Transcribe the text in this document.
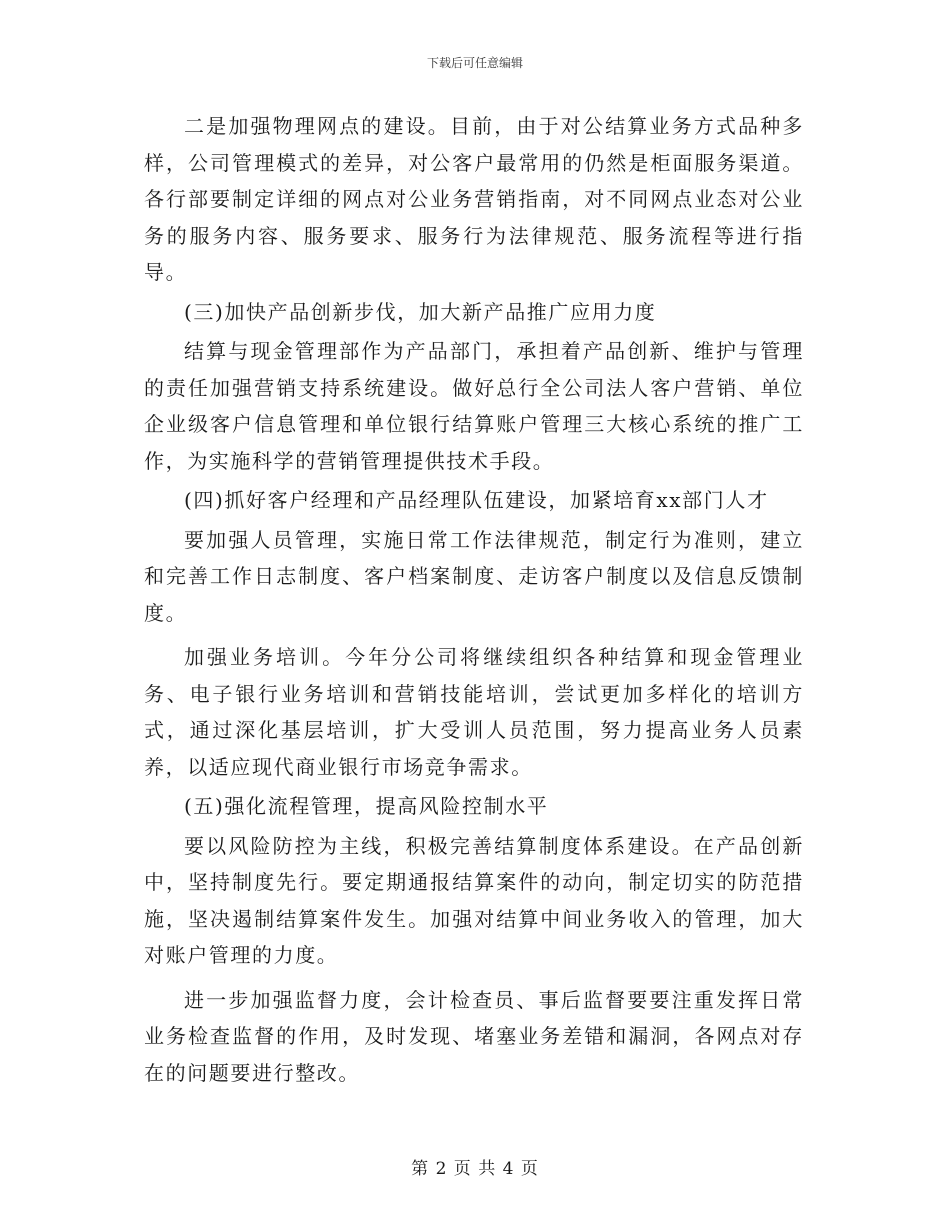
下载后可任意编辑

二是加强物理网点的建设。目前，由于对公结算业务方式品种多样，公司管理模式的差异，对公客户最常用的仍然是柜面服务渠道。各行部要制定详细的网点对公业务营销指南，对不同网点业态对公业务的服务内容、服务要求、服务行为法律规范、服务流程等进行指导。

(三)加快产品创新步伐，加大新产品推广应用力度

结算与现金管理部作为产品部门，承担着产品创新、维护与管理的责任加强营销支持系统建设。做好总行全公司法人客户营销、单位企业级客户信息管理和单位银行结算账户管理三大核心系统的推广工作，为实施科学的营销管理提供技术手段。

(四)抓好客户经理和产品经理队伍建设，加紧培育xx部门人才

要加强人员管理，实施日常工作法律规范，制定行为准则，建立和完善工作日志制度、客户档案制度、走访客户制度以及信息反馈制度。

加强业务培训。今年分公司将继续组织各种结算和现金管理业务、电子银行业务培训和营销技能培训，尝试更加多样化的培训方式，通过深化基层培训，扩大受训人员范围，努力提高业务人员素养，以适应现代商业银行市场竞争需求。

(五)强化流程管理，提高风险控制水平

要以风险防控为主线，积极完善结算制度体系建设。在产品创新中，坚持制度先行。要定期通报结算案件的动向，制定切实的防范措施，坚决遏制结算案件发生。加强对结算中间业务收入的管理，加大对账户管理的力度。

进一步加强监督力度，会计检查员、事后监督要要注重发挥日常业务检查监督的作用，及时发现、堵塞业务差错和漏洞，各网点对存在的问题要进行整改。

第 2 页 共 4 页
